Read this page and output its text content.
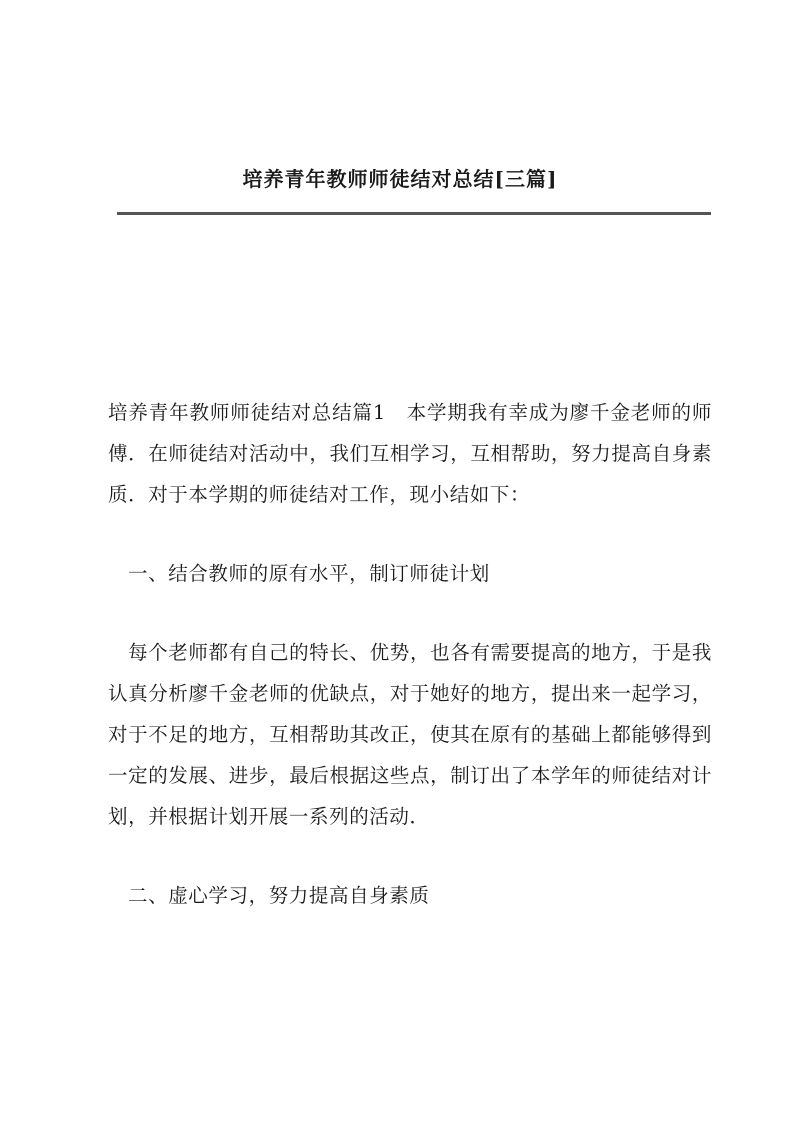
培养青年教师师徒结对总结[三篇]

培养青年教师师徒结对总结篇1　本学期我有幸成为廖千金老师的师傅．在师徒结对活动中，我们互相学习，互相帮助，努力提高自身素质．对于本学期的师徒结对工作，现小结如下：

一、结合教师的原有水平，制订师徒计划

每个老师都有自己的特长、优势，也各有需要提高的地方，于是我认真分析廖千金老师的优缺点，对于她好的地方，提出来一起学习，对于不足的地方，互相帮助其改正，使其在原有的基础上都能够得到一定的发展、进步，最后根据这些点，制订出了本学年的师徒结对计划，并根据计划开展一系列的活动．

二、虚心学习，努力提高自身素质
